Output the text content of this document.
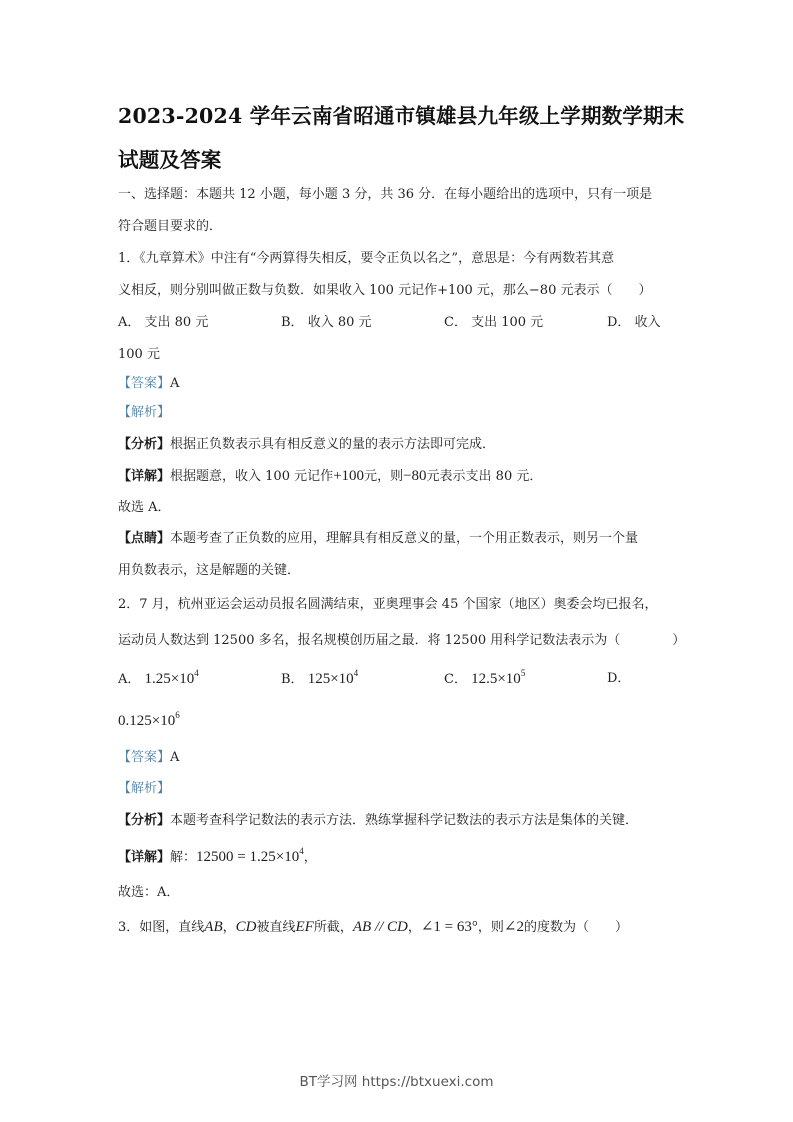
2023-2024 学年云南省昭通市镇雄县九年级上学期数学期末
试题及答案
一、选择题：本题共 12 小题，每小题 3 分，共 36 分．在每小题给出的选项中，只有一项是
符合题目要求的．
1．《九章算术》中注有“今两算得失相反，要令正负以名之”，意思是：今有两数若其意
义相反，则分别叫做正数与负数．如果收入 100 元记作+100 元，那么−80 元表示（　　）
A． 支出 80 元	B． 收入 80 元	C． 支出 100 元	D． 收入
100 元
【答案】A
【解析】
【分析】根据正负数表示具有相反意义的量的表示方法即可完成．
【详解】根据题意，收入 100 元记作+100元，则−80元表示支出 80 元．
故选 A．
【点睛】本题考查了正负数的应用，理解具有相反意义的量，一个用正数表示，则另一个量
用负数表示，这是解题的关键．
2．7 月，杭州亚运会运动员报名圆满结束，亚奥理事会 45 个国家（地区）奥委会均已报名，
运动员人数达到 12500 多名，报名规模创历届之最．将 12500 用科学记数法表示为（　　　　）
A． $1.25\times 10^4$	B． $125\times 10^4$	C． $12.5\times 10^5$	D．
$0.125\times 10^6$
【答案】A
【解析】
【分析】本题考查科学记数法的表示方法．熟练掌握科学记数法的表示方法是集体的关键．
【详解】解：$12500 = 1.25\times 10^4$，
故选：A．
3．如图，直线AB，CD被直线EF所截，AB // CD，∠1 = 63°，则∠2的度数为（　　）
BT学习网 https://btxuexi.com
